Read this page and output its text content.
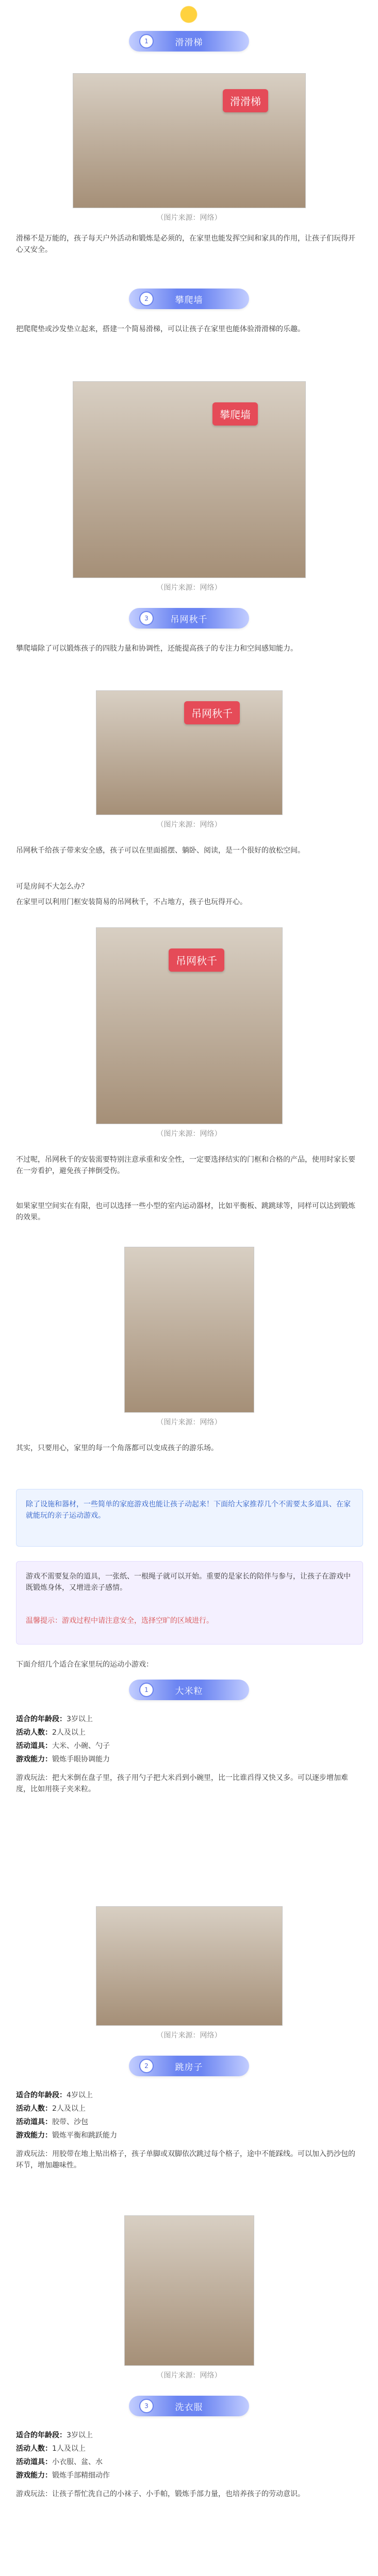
1	滑滑梯
滑滑梯
（图片来源：网络）
滑梯不是万能的，孩子每天户外活动和锻炼是必须的，在家里也能发挥空间和家具的作用，让孩子们玩得开心又安全。
2	攀爬墙
把爬爬垫或沙发垫立起来，搭建一个简易滑梯，可以让孩子在家里也能体验滑滑梯的乐趣。
攀爬墙
（图片来源：网络）
3	吊网秋千
攀爬墙除了可以锻炼孩子的四肢力量和协调性，还能提高孩子的专注力和空间感知能力。
吊网秋千
（图片来源：网络）
吊网秋千给孩子带来安全感，孩子可以在里面摇摆、躺卧、阅读，是一个很好的放松空间。
可是房间不大怎么办？
在家里可以利用门框安装简易的吊网秋千，不占地方，孩子也玩得开心。
吊网秋千
（图片来源：网络）
不过呢，吊网秋千的安装需要特别注意承重和安全性，一定要选择结实的门框和合格的产品，使用时家长要在一旁看护，避免孩子摔倒受伤。
如果家里空间实在有限，也可以选择一些小型的室内运动器材，比如平衡板、跳跳球等，同样可以达到锻炼的效果。
（图片来源：网络）
其实，只要用心，家里的每一个角落都可以变成孩子的游乐场。
除了设施和器材，一些简单的家庭游戏也能让孩子动起来！下面给大家推荐几个不需要太多道具、在家就能玩的亲子运动游戏。
游戏不需要复杂的道具，一张纸、一根绳子就可以开始。重要的是家长的陪伴与参与，让孩子在游戏中既锻炼身体，又增进亲子感情。
温馨提示：游戏过程中请注意安全，选择空旷的区域进行。
下面介绍几个适合在家里玩的运动小游戏：
1	大米粒
适合的年龄段：3岁以上
活动人数：2人及以上
活动道具：大米、小碗、勺子
游戏能力：锻炼手眼协调能力
游戏玩法：把大米倒在盘子里，孩子用勺子把大米舀到小碗里，比一比谁舀得又快又多。可以逐步增加难度，比如用筷子夹米粒。
（图片来源：网络）
2	跳房子
适合的年龄段：4岁以上
活动人数：2人及以上
活动道具：胶带、沙包
游戏能力：锻炼平衡和跳跃能力
游戏玩法：用胶带在地上贴出格子，孩子单脚或双脚依次跳过每个格子，途中不能踩线。可以加入扔沙包的环节，增加趣味性。
（图片来源：网络）
3	洗衣服
适合的年龄段：3岁以上
活动人数：1人及以上
活动道具：小衣服、盆、水
游戏能力：锻炼手部精细动作
游戏玩法：让孩子帮忙洗自己的小袜子、小手帕，锻炼手部力量，也培养孩子的劳动意识。
